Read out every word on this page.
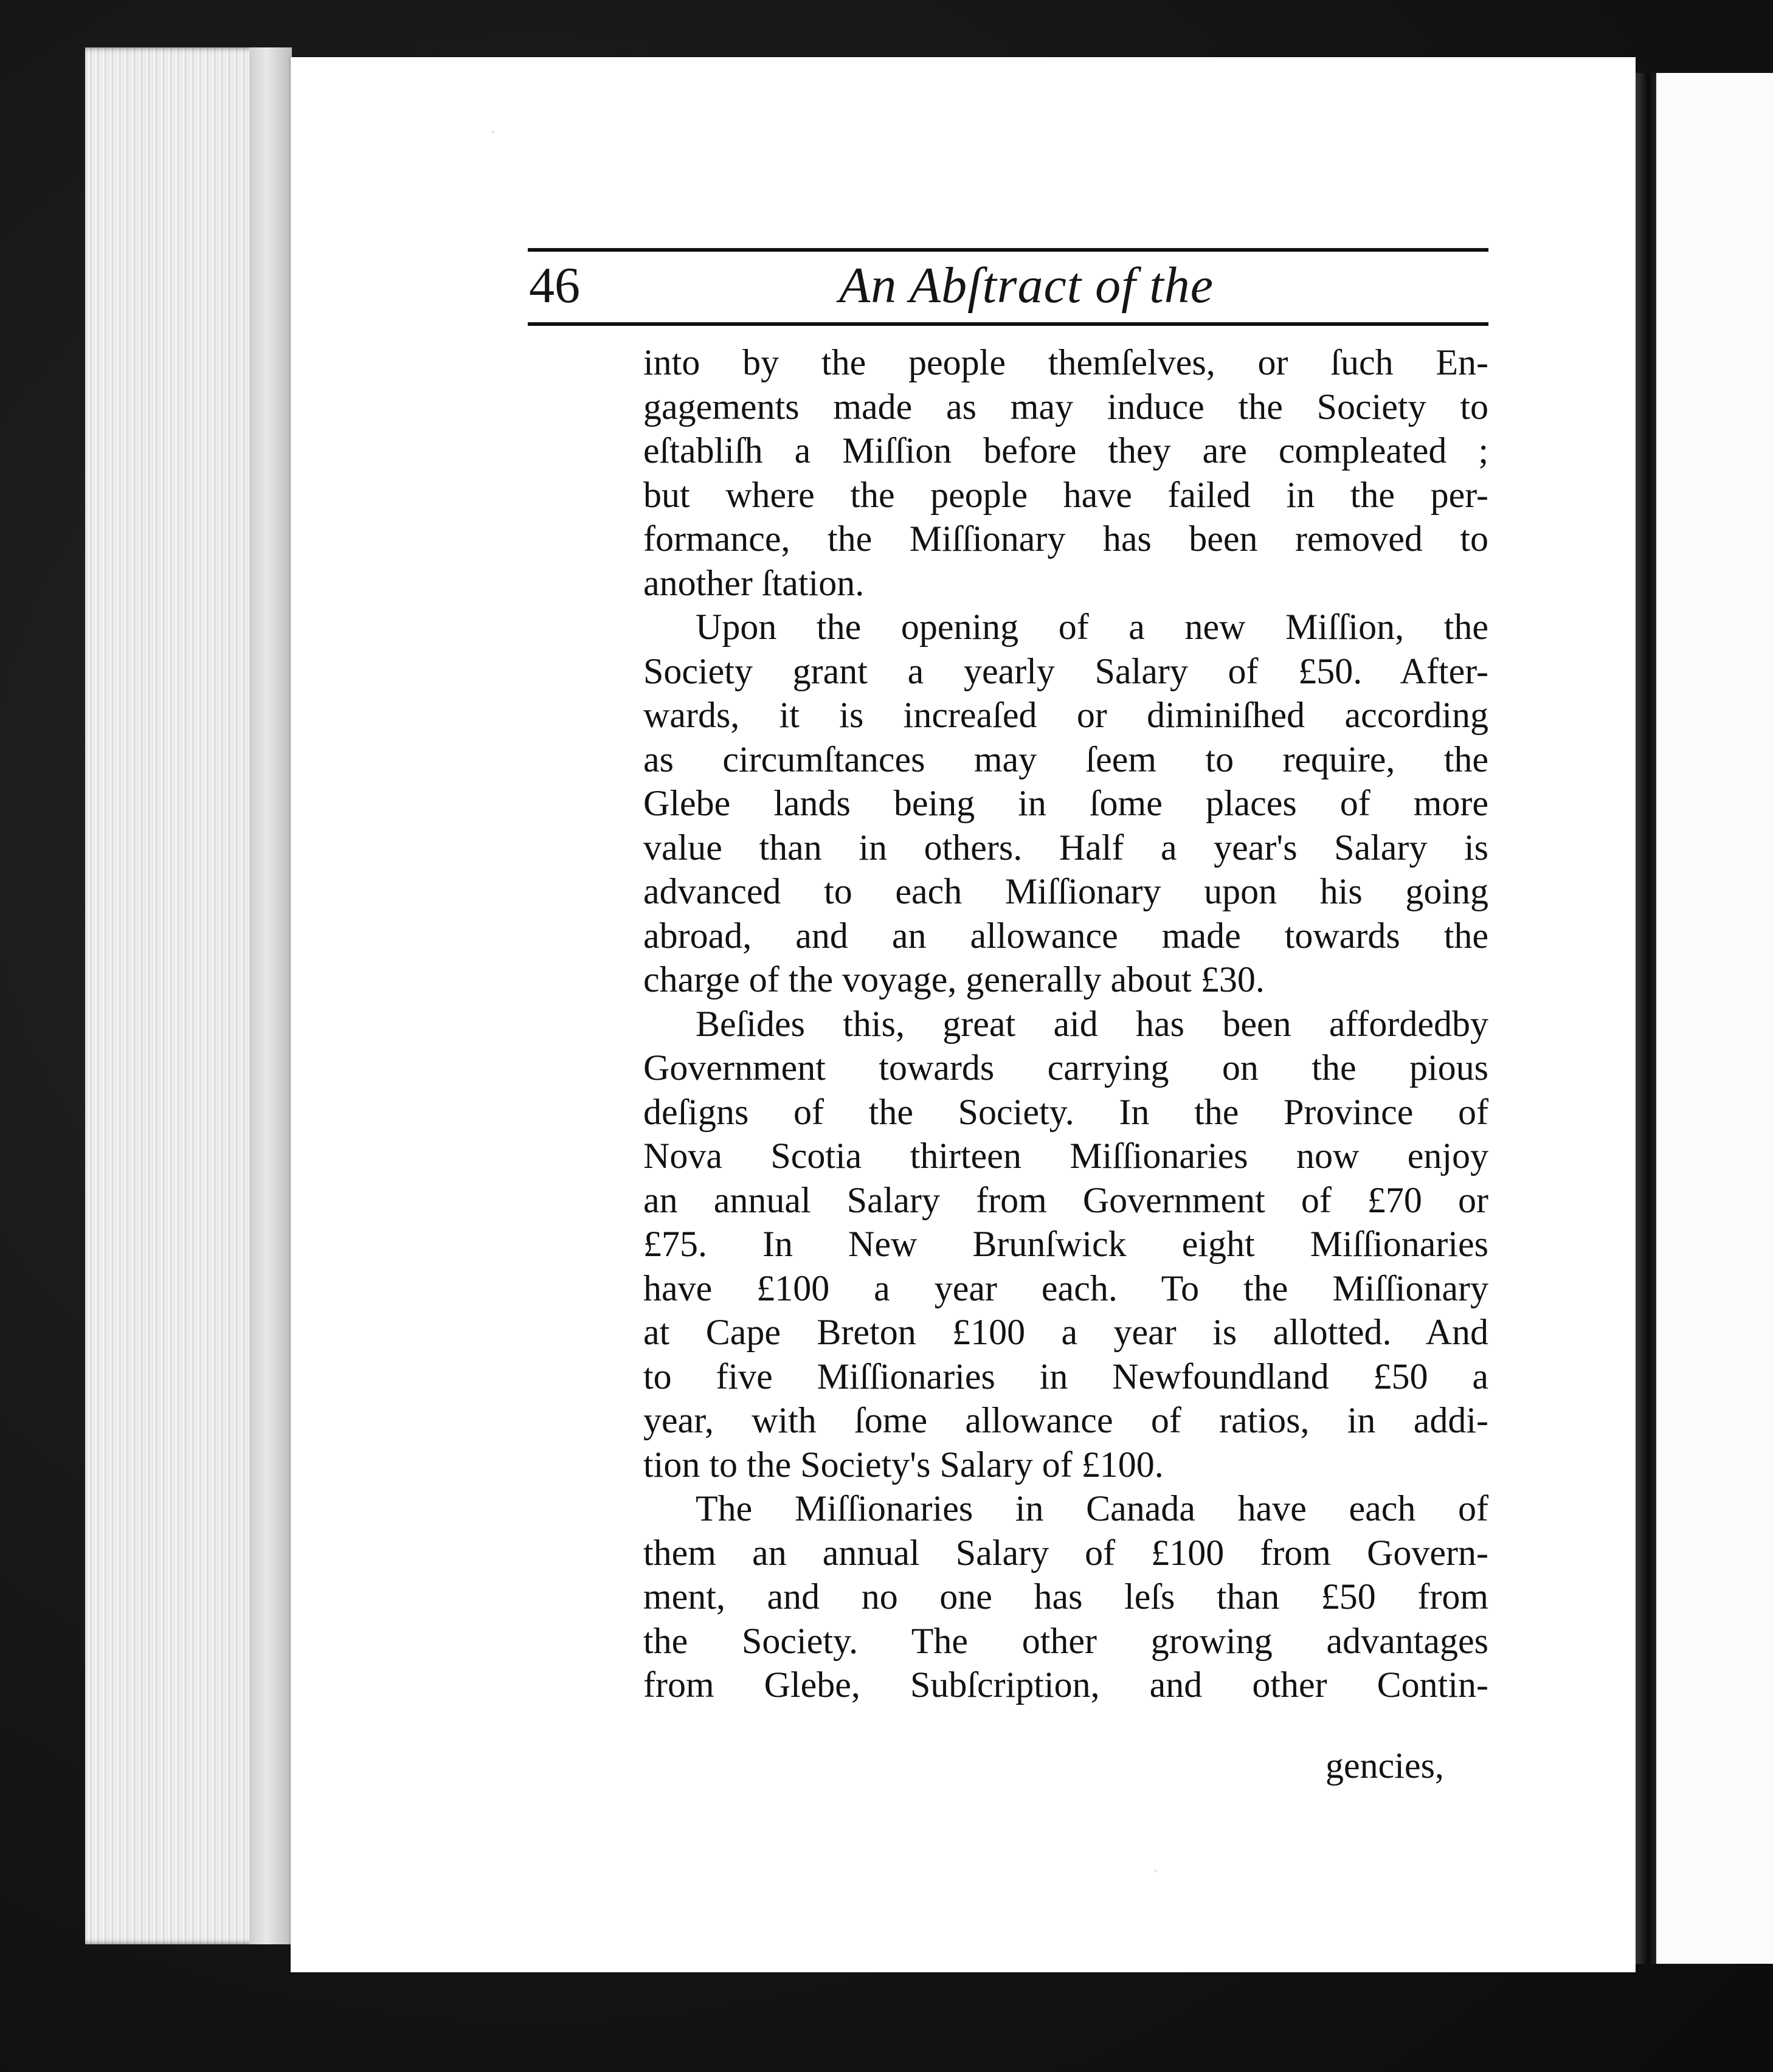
46	An Abſtract of the
into by the people themſelves, or ſuch En-
gagements made as may induce the Society to
eſtabliſh a Miſſion before they are compleated ;
but where the people have failed in the per-
formance, the Miſſionary has been removed to
another ſtation.
Upon the opening of a new Miſſion, the
Society grant a yearly Salary of £50. After-
wards, it is increaſed or diminiſhed according
as circumſtances may ſeem to require, the
Glebe lands being in ſome places of more
value than in others. Half a year's Salary is
advanced to each Miſſionary upon his going
abroad, and an allowance made towards the
charge of the voyage, generally about £30.
Beſides this, great aid has been affordedby
Government towards carrying on the pious
deſigns of the Society. In the Province of
Nova Scotia thirteen Miſſionaries now enjoy
an annual Salary from Government of £70 or
£75. In New Brunſwick eight Miſſionaries
have £100 a year each. To the Miſſionary
at Cape Breton £100 a year is allotted. And
to five Miſſionaries in Newfoundland £50 a
year, with ſome allowance of ratios, in addi-
tion to the Society's Salary of £100.
The Miſſionaries in Canada have each of
them an annual Salary of £100 from Govern-
ment, and no one has leſs than £50 from
the Society. The other growing advantages
from Glebe, Subſcription, and other Contin-
gencies,
